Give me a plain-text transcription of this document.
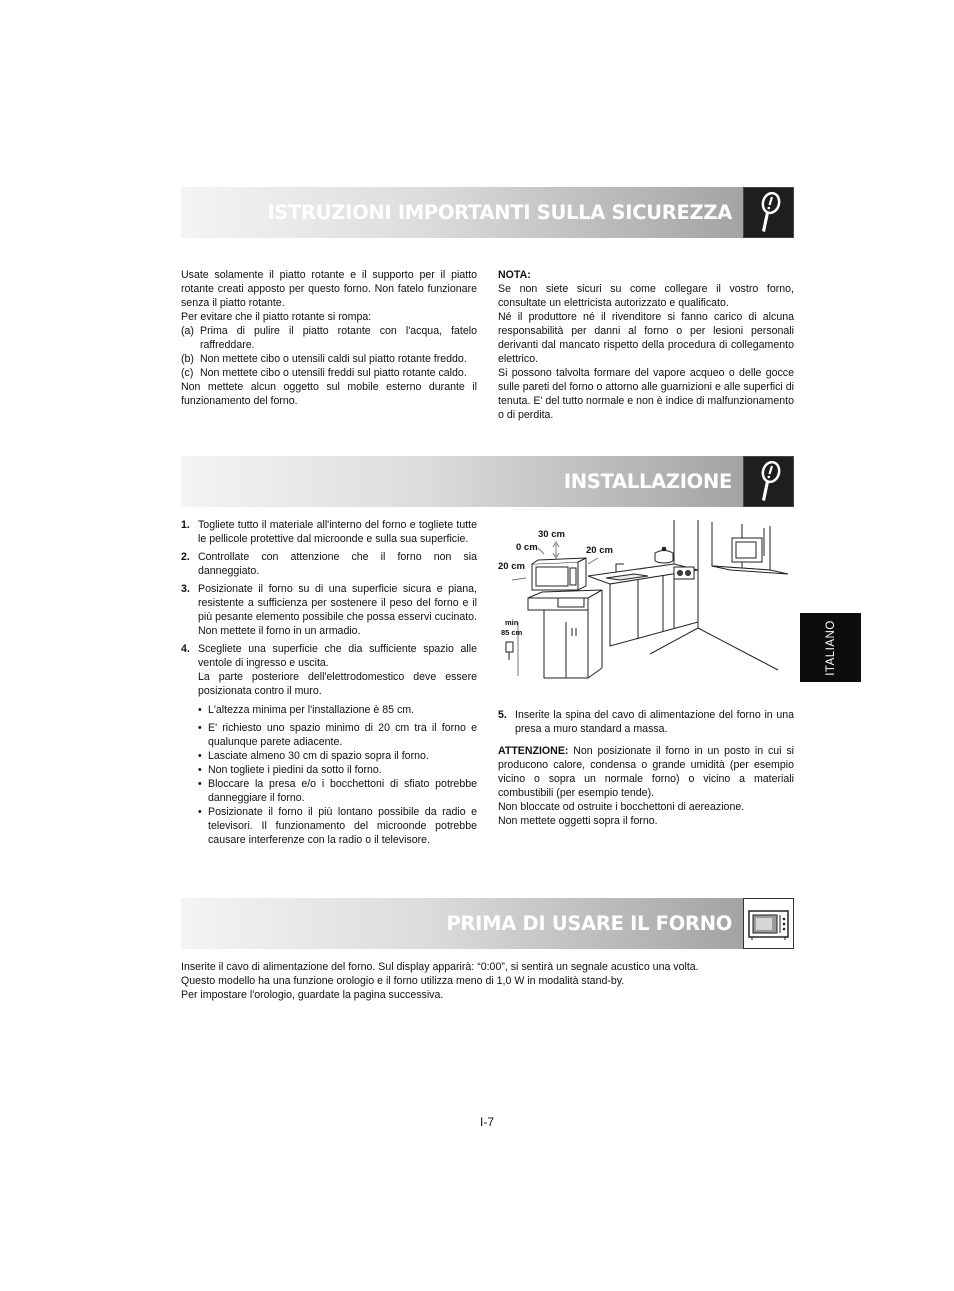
ISTRUZIONI IMPORTANTI SULLA SICUREZZA

Usate solamente il piatto rotante e il supporto per il piatto rotante creati apposto per questo forno. Non fatelo funzionare senza il piatto rotante.

Per evitare che il piatto rotante si rompa:

(a) Prima di pulire il piatto rotante con l'acqua, fatelo raffreddare.
(b) Non mettete cibo o utensili caldi sul piatto rotante freddo.
(c) Non mettete cibo o utensili freddi sul piatto rotante caldo.

Non mettete alcun oggetto sul mobile esterno durante il funzionamento del forno.

NOTA:

Se non siete sicuri su come collegare il vostro forno, consultate un elettricista autorizzato e qualificato.

Né il produttore né il rivenditore si fanno carico di alcuna responsabilità per danni al forno o per lesioni personali derivanti dal mancato rispetto della procedura di collegamento elettrico.

Si possono talvolta formare del vapore acqueo o delle gocce sulle pareti del forno o attorno alle guarnizioni e alle superfici di tenuta. E' del tutto normale e non è indice di malfunzionamento o di perdita.

INSTALLAZIONE
1. Togliete tutto il materiale all'interno del forno e togliete tutte le pellicole protettive dal microonde e sulla sua superficie.
2. Controllate con attenzione che il forno non sia danneggiato.
3. Posizionate il forno su di una superficie sicura e piana, resistente a sufficienza per sostenere il peso del forno e il più pesante elemento possibile che possa esservi cucinato. Non mettete il forno in un armadio.
4. Scegliete una superficie che dia sufficiente spazio alle ventole di ingresso e uscita.
La parte posteriore dell'elettrodomestico deve essere posizionata contro il muro.
• L'altezza minima per l'installazione è 85 cm.
• E' richiesto uno spazio minimo di 20 cm tra il forno e qualunque parete adiacente.
• Lasciate almeno 30 cm di spazio sopra il forno.
• Non togliete i piedini da sotto il forno.
• Bloccare la presa e/o i bocchettoni di sfiato potrebbe danneggiare il forno.
• Posizionate il forno il più lontano possibile da radio e televisori. Il funzionamento del microonde potrebbe causare interferenze con la radio o il televisore.
30 cm
0 cm	20 cm
20 cm
min
85 cm
5. Inserite la spina del cavo di alimentazione del forno in una presa a muro standard a massa.

ATTENZIONE: Non posizionate il forno in un posto in cui si producono calore, condensa o grande umidità (per esempio vicino o sopra un normale forno) o vicino a materiali combustibili (per esempio tende).

Non bloccate od ostruite i bocchettoni di aereazione.

Non mettete oggetti sopra il forno.

ITALIANO
PRIMA DI USARE IL FORNO

Inserite il cavo di alimentazione del forno. Sul display apparirà: “0:00”, si sentirà un segnale acustico una volta.

Questo modello ha una funzione orologio e il forno utilizza meno di 1,0 W in modalità stand-by.

Per impostare l'orologio, guardate la pagina successiva.

I-7
